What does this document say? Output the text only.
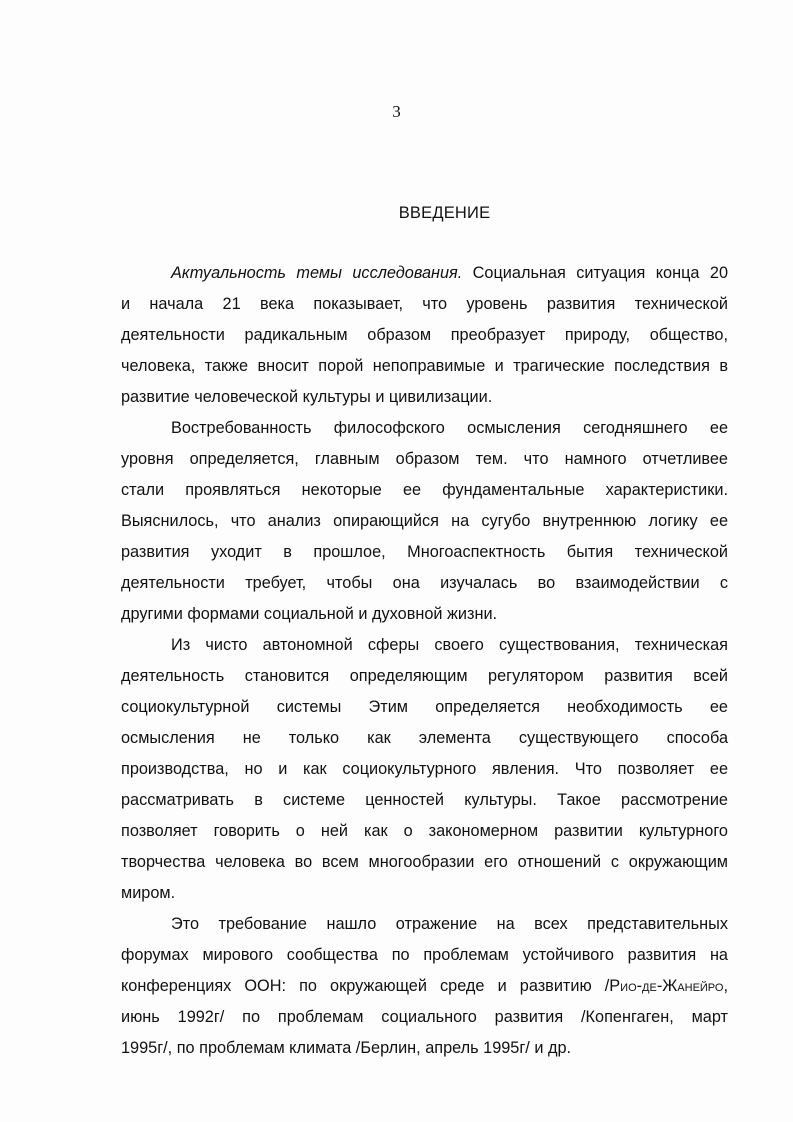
3
ВВЕДЕНИЕ
Актуальность темы исследования. Социальная ситуация конца 20
и начала 21 века показывает, что уровень развития технической
деятельности радикальным образом преобразует природу, общество,
человека, также вносит порой непоправимые и трагические последствия в
развитие человеческой культуры и цивилизации.
Востребованность философского осмысления сегодняшнего ее
уровня определяется, главным образом тем. что намного отчетливее
стали проявляться некоторые ее фундаментальные характеристики.
Выяснилось, что анализ опирающийся на сугубо внутреннюю логику ее
развития уходит в прошлое, Многоаспектность бытия технической
деятельности требует, чтобы она изучалась во взаимодействии с
другими формами социальной и духовной жизни.
Из чисто автономной сферы своего существования, техническая
деятельность становится определяющим регулятором развития всей
социокультурной системы Этим определяется необходимость ее
осмысления не только как элемента существующего способа
производства, но и как социокультурного явления. Что позволяет ее
рассматривать в системе ценностей культуры. Такое рассмотрение
позволяет говорить о ней как о закономерном развитии культурного
творчества человека во всем многообразии его отношений с окружающим
миром.
Это требование нашло отражение на всех представительных
форумах мирового сообщества по проблемам устойчивого развития на
конференциях ООН: по окружающей среде и развитию /Рио-де-Жанейро,
июнь 1992г/ по проблемам социального развития /Копенгаген, март
1995г/, по проблемам климата /Берлин, апрель 1995г/ и др.
